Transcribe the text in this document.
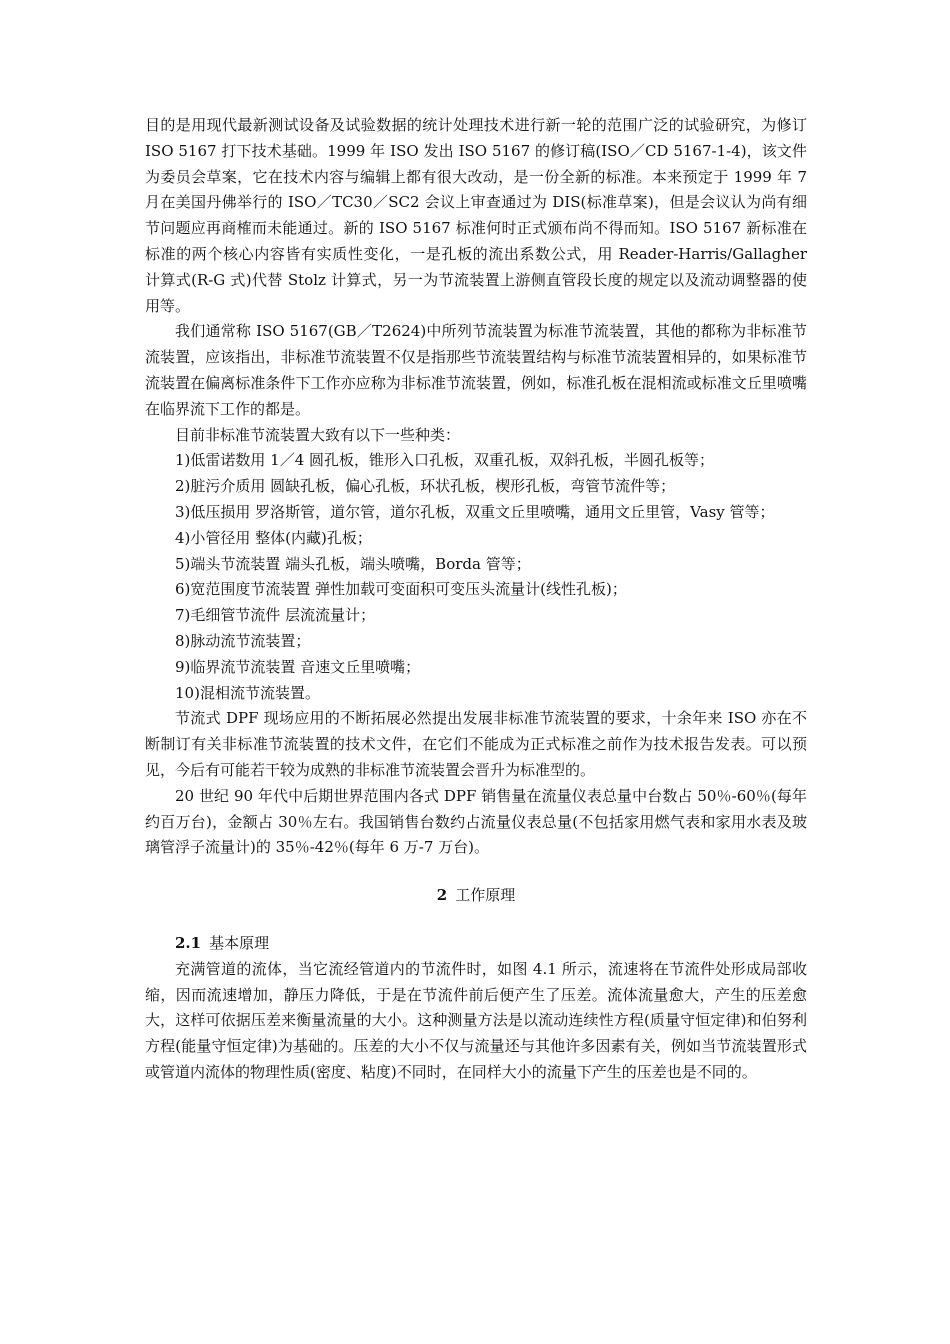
目的是用现代最新测试设备及试验数据的统计处理技术进行新一轮的范围广泛的试验研究，为修订 ISO 5167 打下技术基础。1999 年 ISO 发出 ISO 5167 的修订稿(ISO／CD 5167-1-4)，该文件为委员会草案，它在技术内容与编辑上都有很大改动，是一份全新的标准。本来预定于 1999 年 7 月在美国丹佛举行的 ISO／TC30／SC2 会议上审查通过为 DIS(标准草案)，但是会议认为尚有细节问题应再商榷而未能通过。新的 ISO 5167 标准何时正式颁布尚不得而知。ISO 5167 新标准在标准的两个核心内容皆有实质性变化，一是孔板的流出系数公式，用 Reader-Harris/Gallagher 计算式(R-G 式)代替 Stolz 计算式，另一为节流装置上游侧直管段长度的规定以及流动调整器的使用等。

我们通常称 ISO 5167(GB／T2624)中所列节流装置为标准节流装置，其他的都称为非标准节流装置，应该指出，非标准节流装置不仅是指那些节流装置结构与标准节流装置相异的，如果标准节流装置在偏离标准条件下工作亦应称为非标准节流装置，例如，标准孔板在混相流或标准文丘里喷嘴在临界流下工作的都是。

目前非标准节流装置大致有以下一些种类：

1)低雷诺数用 1／4 圆孔板，锥形入口孔板，双重孔板，双斜孔板，半圆孔板等；

2)脏污介质用 圆缺孔板，偏心孔板，环状孔板，楔形孔板，弯管节流件等；

3)低压损用 罗洛斯管，道尔管，道尔孔板，双重文丘里喷嘴，通用文丘里管，Vasy 管等；

4)小管径用 整体(内藏)孔板；

5)端头节流装置 端头孔板，端头喷嘴，Borda 管等；

6)宽范围度节流装置 弹性加载可变面积可变压头流量计(线性孔板)；

7)毛细管节流件 层流流量计；

8)脉动流节流装置；

9)临界流节流装置 音速文丘里喷嘴；

10)混相流节流装置。

节流式 DPF 现场应用的不断拓展必然提出发展非标准节流装置的要求，十余年来 ISO 亦在不断制订有关非标准节流装置的技术文件，在它们不能成为正式标准之前作为技术报告发表。可以预见，今后有可能若干较为成熟的非标准节流装置会晋升为标准型的。

20 世纪 90 年代中后期世界范围内各式 DPF 销售量在流量仪表总量中台数占 50％-60％(每年约百万台)，金额占 30％左右。我国销售台数约占流量仪表总量(不包括家用燃气表和家用水表及玻璃管浮子流量计)的 35％-42％(每年 6 万-7 万台)。

2 工作原理

2.1 基本原理

充满管道的流体，当它流经管道内的节流件时，如图 4.1 所示，流速将在节流件处形成局部收缩，因而流速增加，静压力降低，于是在节流件前后便产生了压差。流体流量愈大，产生的压差愈大，这样可依据压差来衡量流量的大小。这种测量方法是以流动连续性方程(质量守恒定律)和伯努利方程(能量守恒定律)为基础的。压差的大小不仅与流量还与其他许多因素有关，例如当节流装置形式或管道内流体的物理性质(密度、粘度)不同时，在同样大小的流量下产生的压差也是不同的。
